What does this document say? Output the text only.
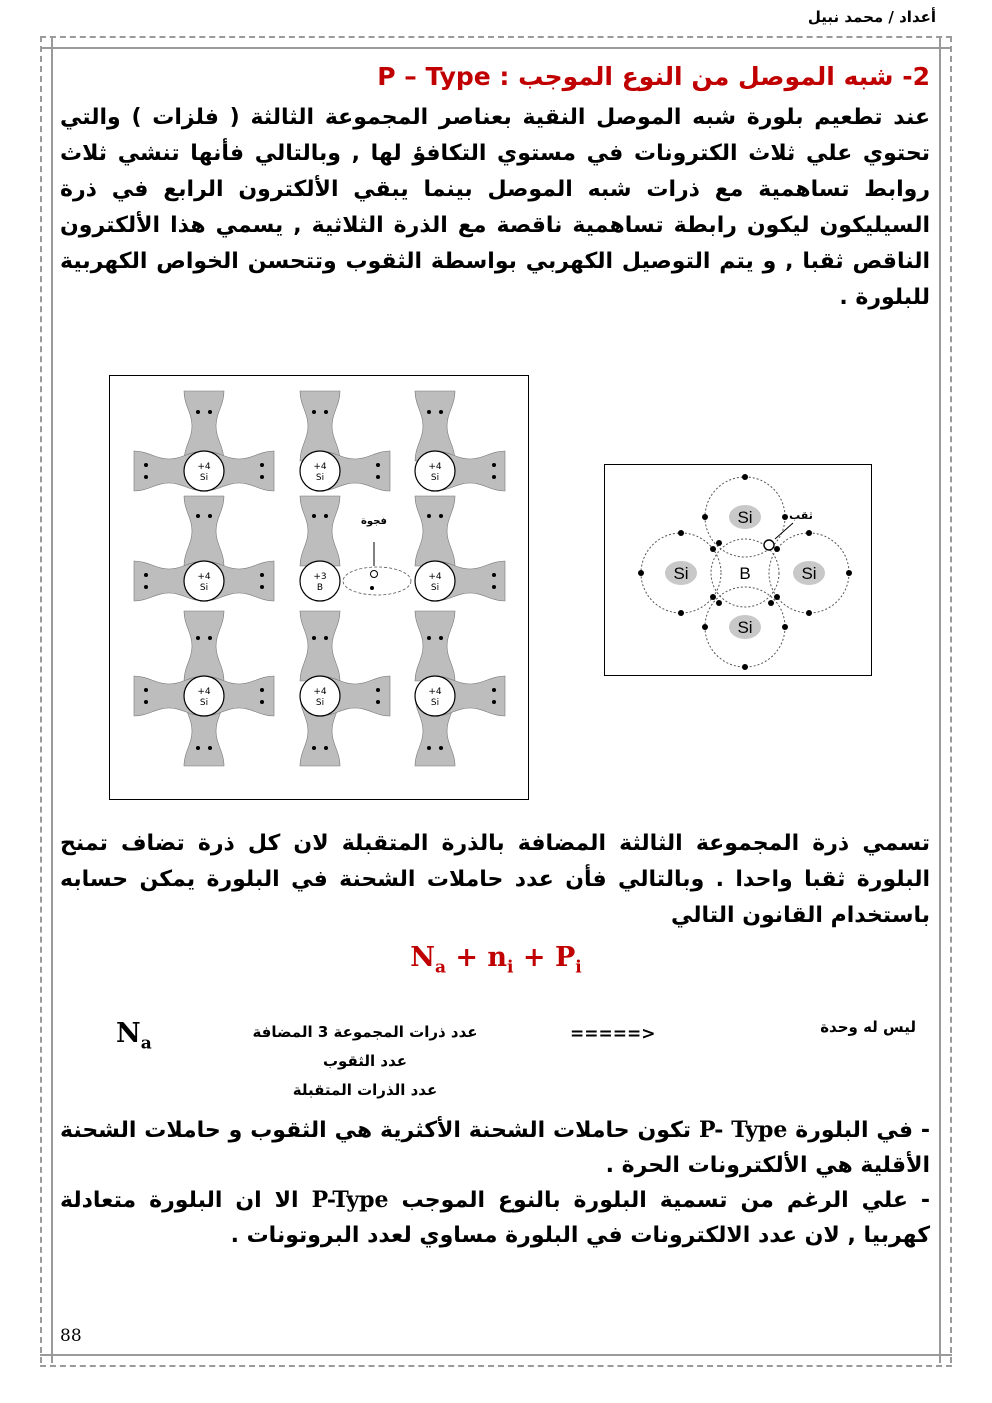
أعداد / محمد نبيل
2- شبه الموصل من النوع الموجب : P – Type
عند تطعيم بلورة شبه الموصل النقية بعناصر المجموعة الثالثة ( فلزات ) والتي تحتوي علي ثلاث الكترونات في مستوي التكافؤ لها , وبالتالي فأنها تنشي ثلاث روابط تساهمية مع ذرات شبه الموصل بينما يبقي الألكترون الرابع في ذرة السيليكون ليكون رابطة تساهمية ناقصة مع الذرة الثلاثية , يسمي هذا الألكترون الناقص ثقبا , و يتم التوصيل الكهربي بواسطة الثقوب وتتحسن الخواص الكهربية للبلورة .
فجوة
+4
Si
+4
Si
+4
Si
+4
Si
+3
B
+4
Si
+4
Si
+4
Si
+4
Si
ثقب
Si
Si	Si
Si
B
تسمي ذرة المجموعة الثالثة المضافة بالذرة المتقبلة لان كل ذرة تضاف تمنح البلورة ثقبا واحدا . وبالتالي فأن عدد حاملات الشحنة في البلورة يمكن حسابه باستخدام القانون التالي
$N_a + n_i + P_i$
$N_a$
عدد ذرات المجموعة 3 المضافة
عدد الثقوب
عدد الذرات المتقبلة
=====>	ليس له وحدة

- في البلورة P- Type تكون حاملات الشحنة الأكثرية هي الثقوب و حاملات الشحنة الأقلية هي الألكترونات الحرة .

- علي الرغم من تسمية البلورة بالنوع الموجب P-Type الا ان البلورة متعادلة كهربيا , لان عدد الالكترونات في البلورة مساوي لعدد البروتونات .

88
